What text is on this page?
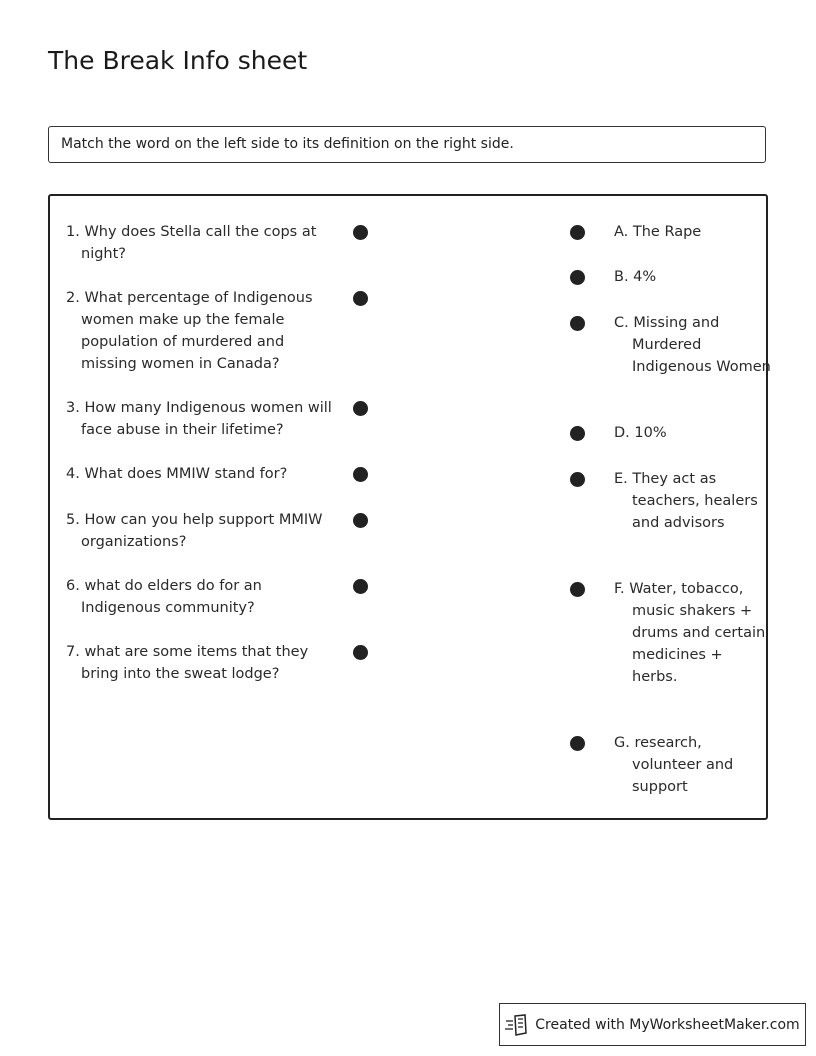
The Break Info sheet
Match the word on the left side to its definition on the right side.
1. Why does Stella call the cops at night?
2. What percentage of Indigenous women make up the female population of murdered and missing women in Canada?
3. How many Indigenous women will face abuse in their lifetime?
4. What does MMIW stand for?
5. How can you help support MMIW organizations?
6. what do elders do for an Indigenous community?
7. what are some items that they bring into the sweat lodge?
A. The Rape
B. 4%
C. Missing and Murdered Indigenous Women
D. 10%
E. They act as teachers, healers and advisors
F. Water, tobacco, music shakers + drums and certain medicines + herbs.
G. research, volunteer and support
Created with MyWorksheetMaker.com
